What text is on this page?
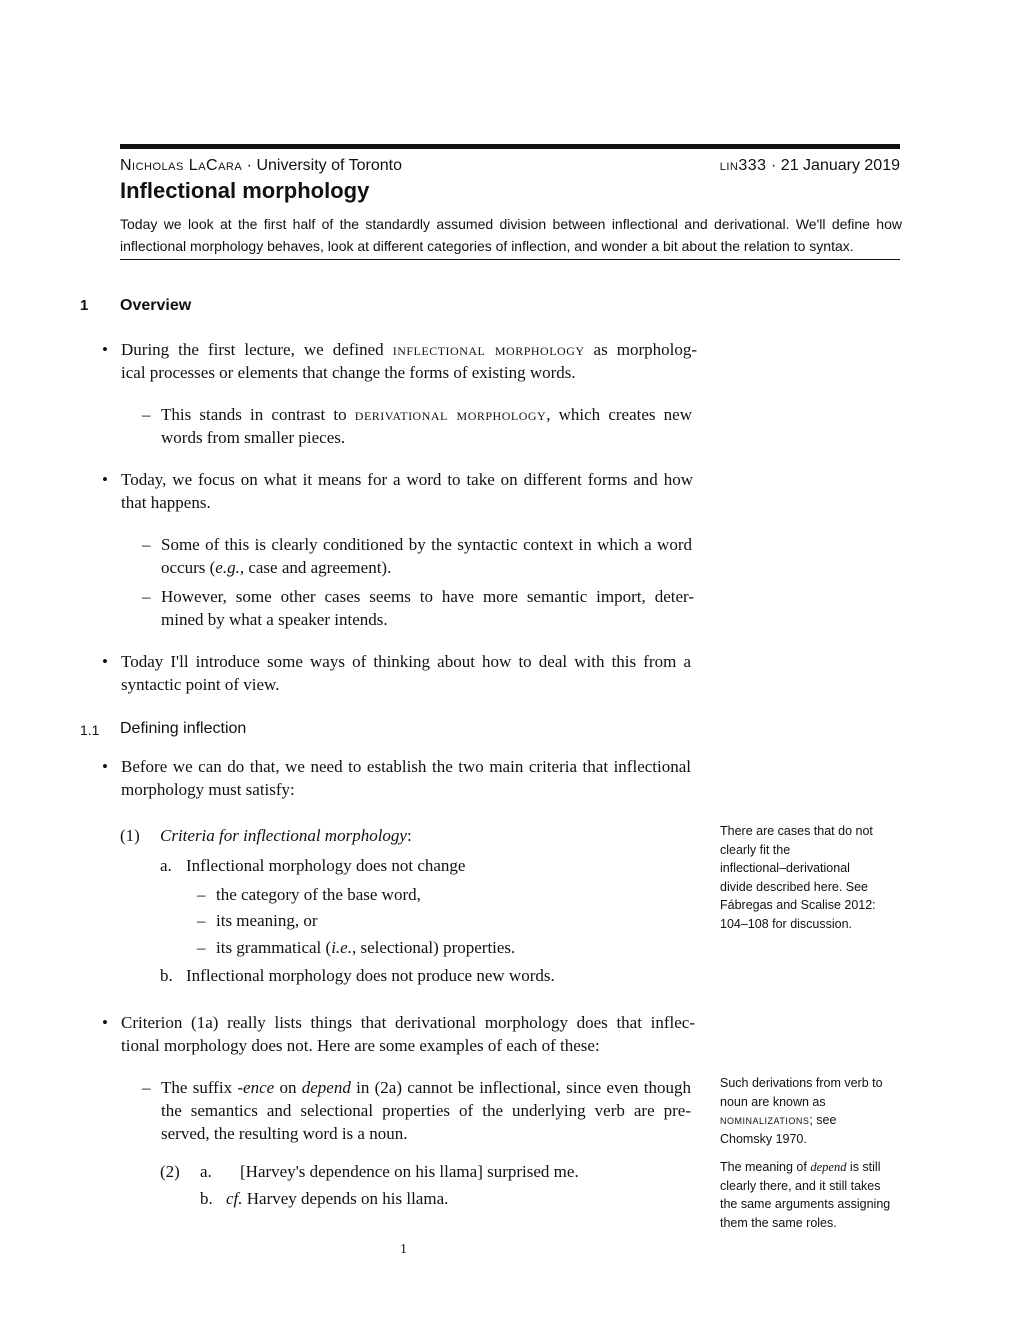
Nicholas LaCara · University of Toronto	lin333 · 21 January 2019
Inflectional morphology
Today we look at the first half of the standardly assumed division between inflectional and derivational. We'll define how
inflectional morphology behaves, look at different categories of inflection, and wonder a bit about the relation to syntax.
1 Overview
• During the first lecture, we defined inflectional morphology as morpholog-
ical processes or elements that change the forms of existing words.
– This stands in contrast to derivational morphology, which creates new
words from smaller pieces.
• Today, we focus on what it means for a word to take on different forms and how
that happens.
– Some of this is clearly conditioned by the syntactic context in which a word
occurs (e.g., case and agreement).
– However, some other cases seems to have more semantic import, deter-
mined by what a speaker intends.
• Today I'll introduce some ways of thinking about how to deal with this from a
syntactic point of view.
1.1 Defining inflection
• Before we can do that, we need to establish the two main criteria that inflectional
morphology must satisfy:
(1) Criteria for inflectional morphology:
a. Inflectional morphology does not change
– the category of the base word,
– its meaning, or
– its grammatical (i.e., selectional) properties.
b. Inflectional morphology does not produce new words.
There are cases that do not
clearly fit the
inflectional–derivational
divide described here. See
Fábregas and Scalise 2012:
104–108 for discussion.
• Criterion (1a) really lists things that derivational morphology does that inflec-
tional morphology does not. Here are some examples of each of these:
– The suffix -ence on depend in (2a) cannot be inflectional, since even though
the semantics and selectional properties of the underlying verb are pre-
served, the resulting word is a noun.
Such derivations from verb to
noun are known as
nominalizations; see
Chomsky 1970.
(2) a. [Harvey's dependence on his llama] surprised me.
b. cf. Harvey depends on his llama.
The meaning of depend is still
clearly there, and it still takes
the same arguments assigning
them the same roles.
1
